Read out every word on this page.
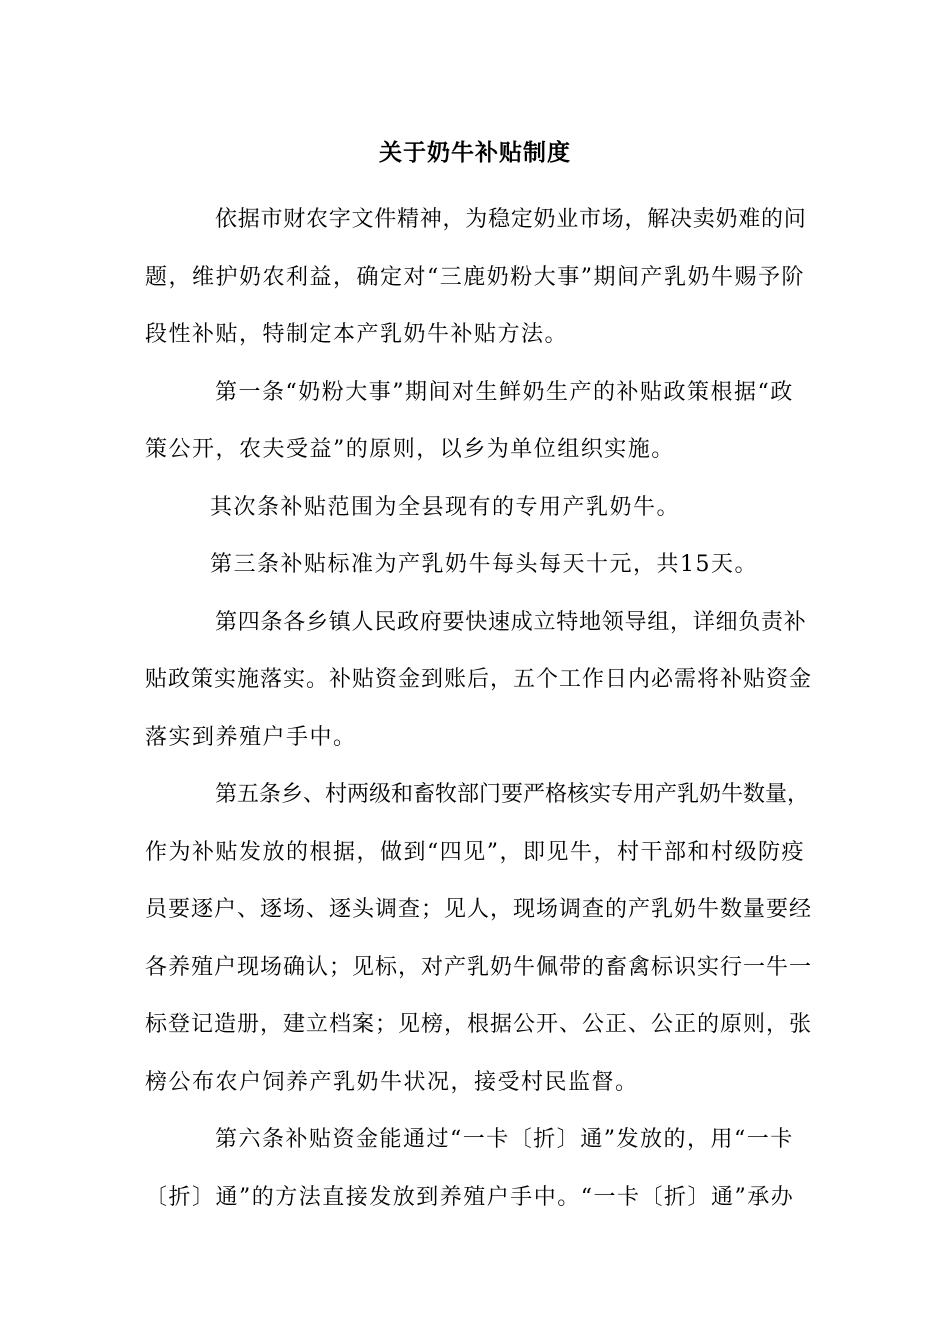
关于奶牛补贴制度
依据市财农字文件精神，为稳定奶业市场，解决卖奶难的问
题，维护奶农利益，确定对“三鹿奶粉大事”期间产乳奶牛赐予阶
段性补贴，特制定本产乳奶牛补贴方法。
第一条“奶粉大事”期间对生鲜奶生产的补贴政策根据“政
策公开，农夫受益”的原则，以乡为单位组织实施。
其次条补贴范围为全县现有的专用产乳奶牛。
第三条补贴标准为产乳奶牛每头每天十元，共15天。
第四条各乡镇人民政府要快速成立特地领导组，详细负责补
贴政策实施落实。补贴资金到账后，五个工作日内必需将补贴资金
落实到养殖户手中。
第五条乡、村两级和畜牧部门要严格核实专用产乳奶牛数量，
作为补贴发放的根据，做到“四见”，即见牛，村干部和村级防疫
员要逐户、逐场、逐头调查；见人，现场调查的产乳奶牛数量要经
各养殖户现场确认；见标，对产乳奶牛佩带的畜禽标识实行一牛一
标登记造册，建立档案；见榜，根据公开、公正、公正的原则，张
榜公布农户饲养产乳奶牛状况，接受村民监督。
第六条补贴资金能通过“一卡〔折〕通”发放的，用“一卡
〔折〕通”的方法直接发放到养殖户手中。“一卡〔折〕通”承办
